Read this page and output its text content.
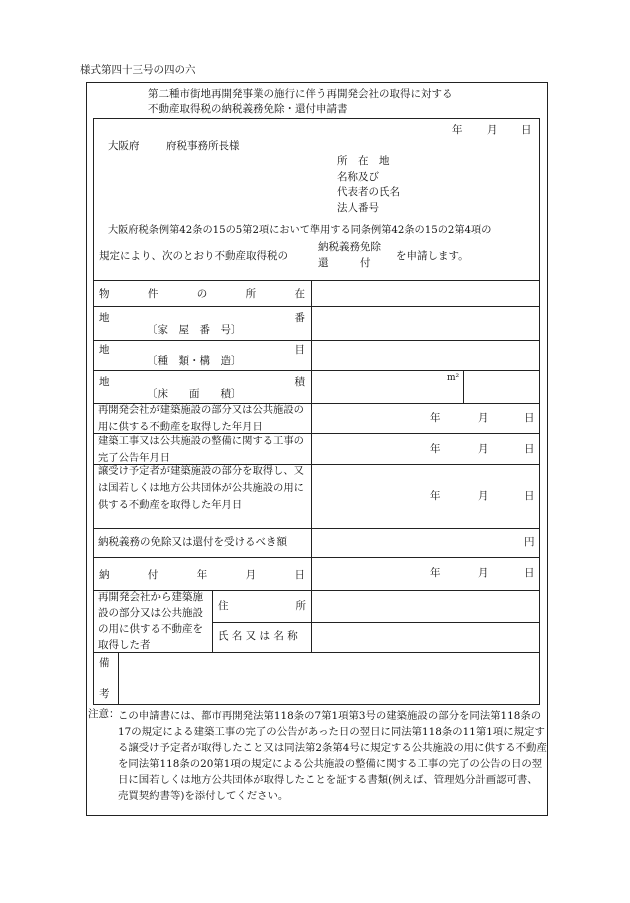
様式第四十三号の四の六
第二種市街地再開発事業の施行に伴う再開発会社の取得に対する
不動産取得税の納税義務免除・還付申請書
年 月 日
大阪府	府税事務所長様
所　在　地
名称及び
代表者の氏名
法人番号
大阪府税条例第42条の15の5第2項において準用する同条例第42条の15の2第4項の
規定により、次のとおり不動産取得税の
納税義務免除
還　　　付
を申請します。
物	件	の	所	在
地	番
〔家　屋　番　号〕
地	目
〔種　類・構　造〕
地	積
〔床　　面　　積〕
m²
再開発会社が建築施設の部分又は公共施設の用に供する不動産を取得した年月日
年	月	日
建築工事又は公共施設の整備に関する工事の完了公告年月日
年	月	日
譲受け予定者が建築施設の部分を取得し、又は国若しくは地方公共団体が公共施設の用に供する不動産を取得した年月日
年	月	日
納税義務の免除又は還付を受けるべき額	円
納	付	年	月	日	年	月	日
再開発会社から建築施設の部分又は公共施設の用に供する不動産を取得した者
住	所
氏 名 又 は 名 称
備
考
注意：
この申請書には、都市再開発法第118条の7第1項第3号の建築施設の部分を同法第118条の17の規定による建築工事の完了の公告があった日の翌日に同法第118条の11第1項に規定する譲受け予定者が取得したこと又は同法第2条第4号に規定する公共施設の用に供する不動産を同法第118条の20第1項の規定による公共施設の整備に関する工事の完了の公告の日の翌日に国若しくは地方公共団体が取得したことを証する書類(例えば、管理処分計画認可書、売買契約書等)を添付してください。
